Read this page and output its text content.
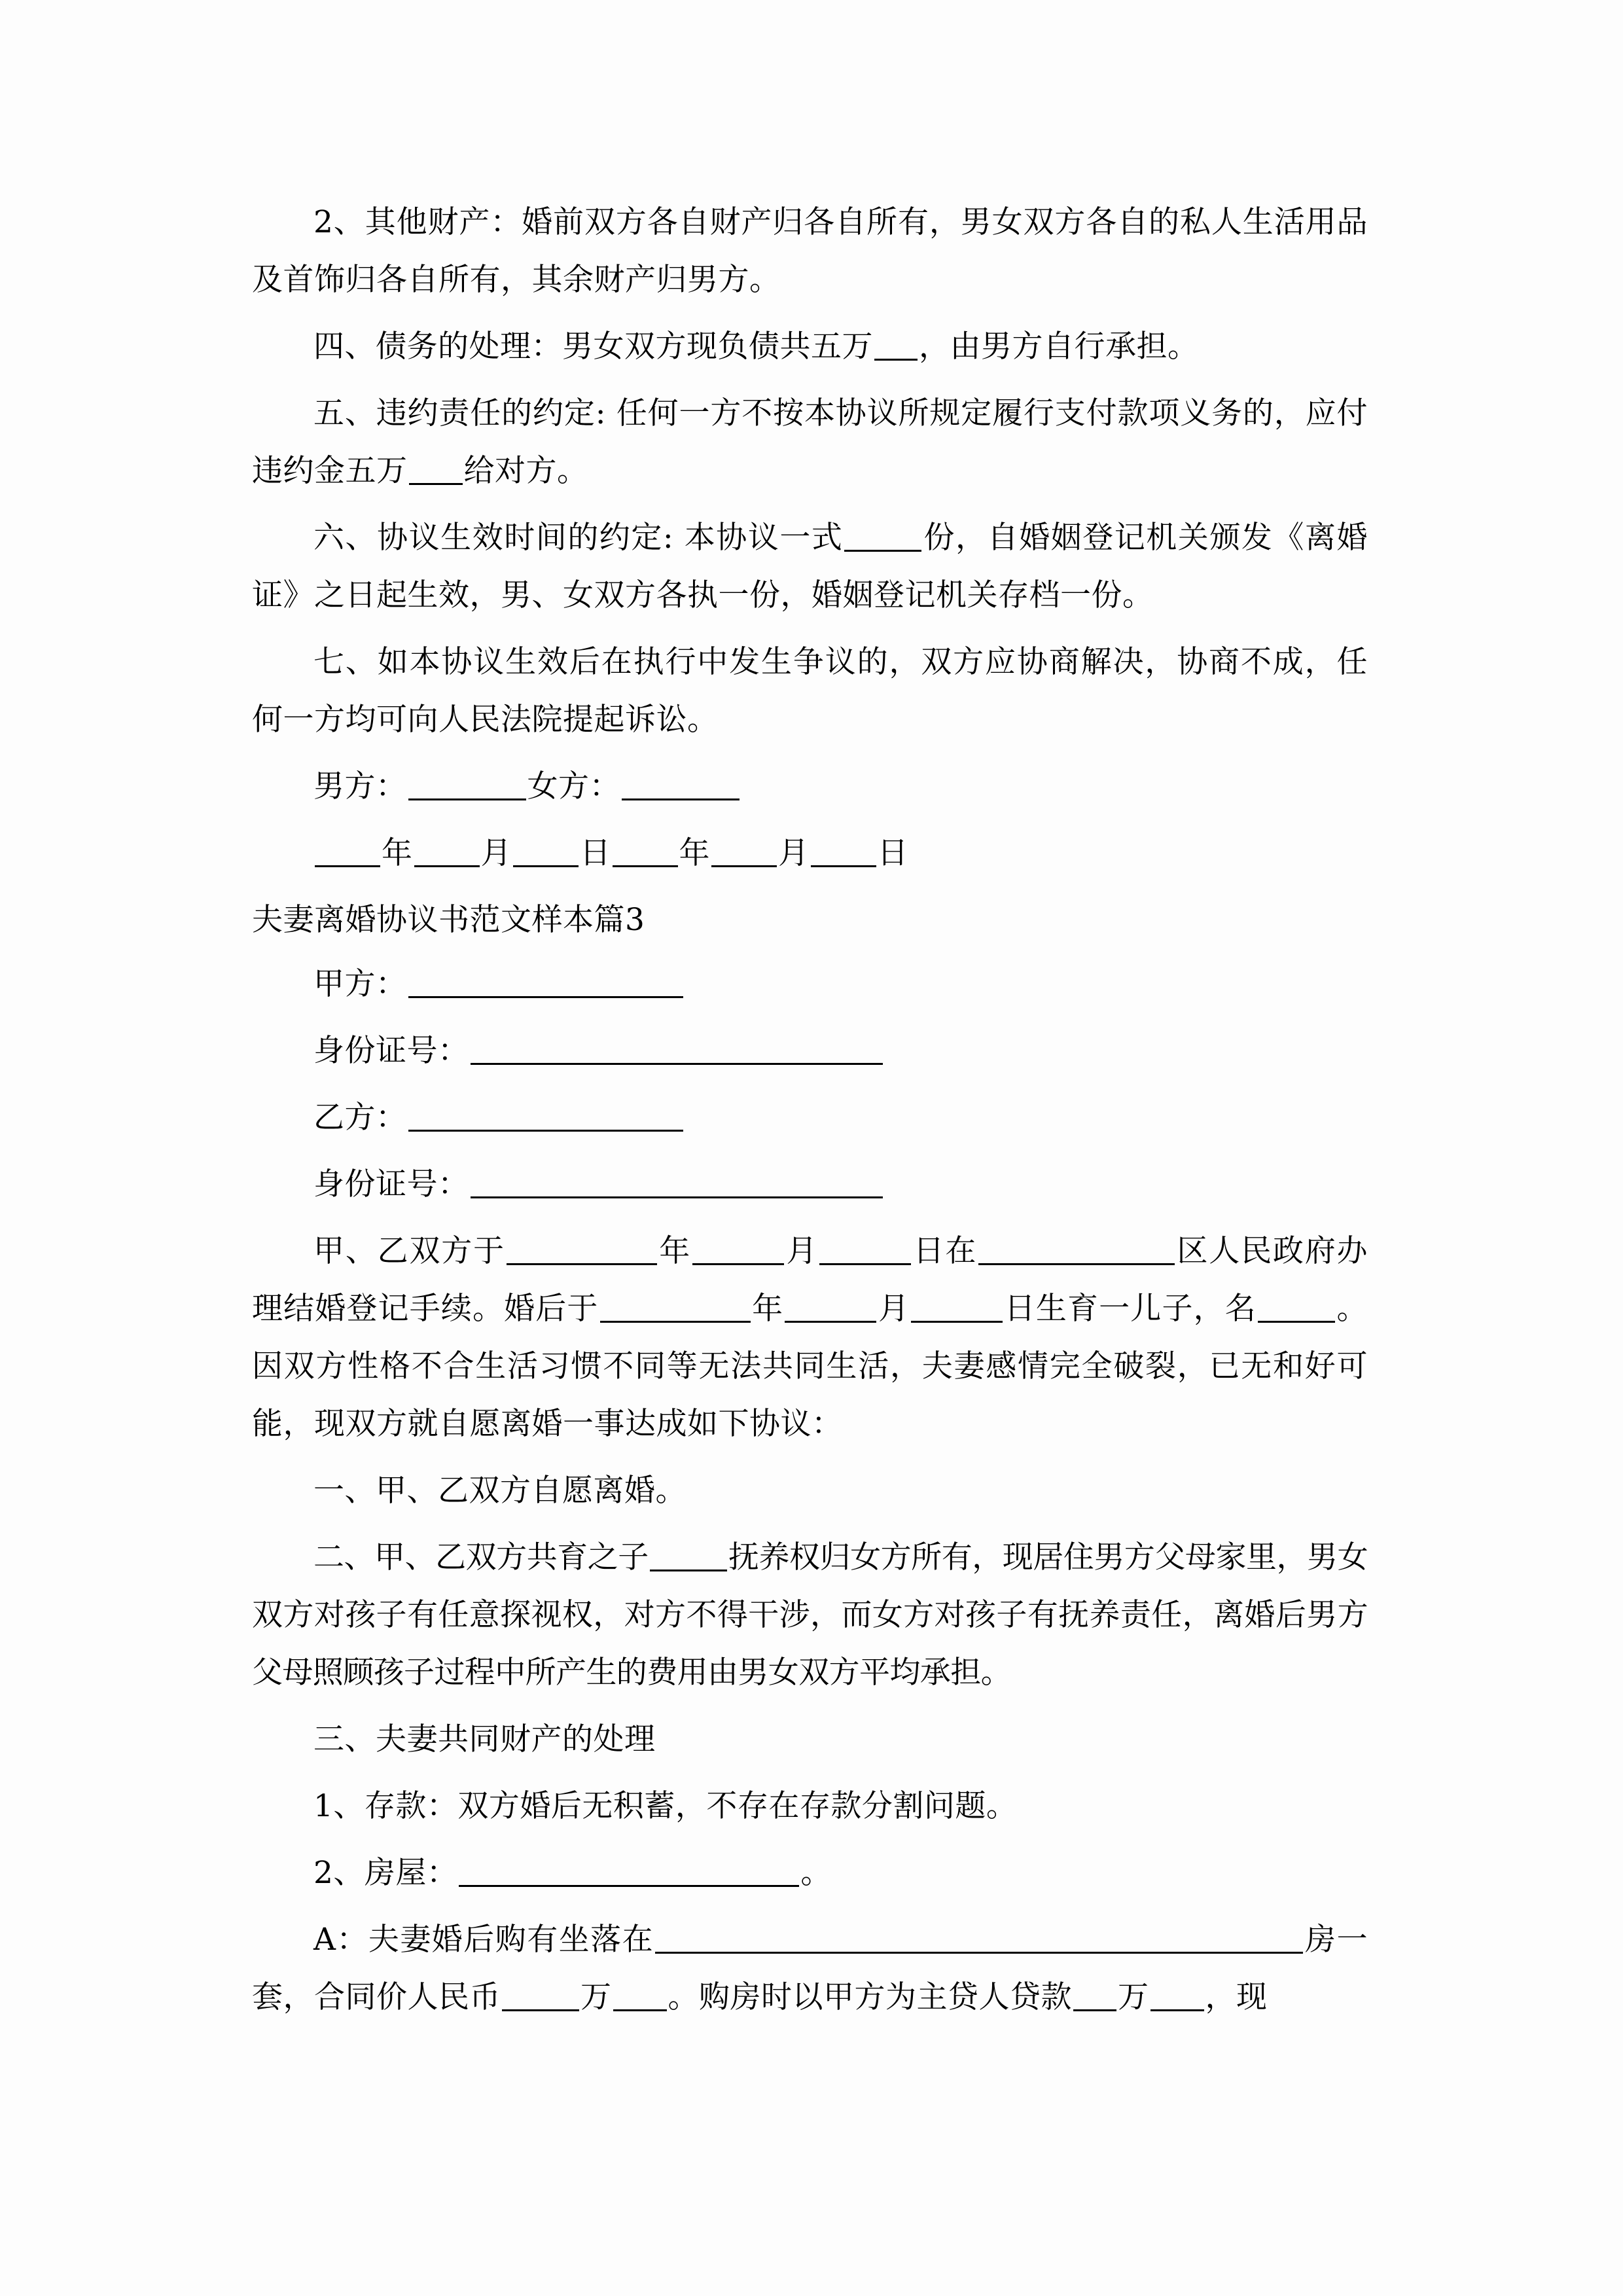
2、其他财产：婚前双方各自财产归各自所有，男女双方各自的私人生活用品及首饰归各自所有，其余财产归男方。

四、债务的处理：男女双方现负债共五万 ，由男方自行承担。

五、违约责任的约定: 任何一方不按本协议所规定履行支付款项义务的，应付违约金五万 给对方。

六、协议生效时间的约定: 本协议一式	份，自婚姻登记机关颁发《离婚证》之日起生效，男、女双方各执一份，婚姻登记机关存档一份。

七、如本协议生效后在执行中发生争议的，双方应协商解决，协商不成，任何一方均可向人民法院提起诉讼。

男方：	女方：

年 月 日 年 月 日

夫妻离婚协议书范文样本篇3

甲方：

身份证号：

乙方：

身份证号：

甲、乙双方于	年	月	日在	区人民政府办理结婚登记手续。婚后于	年	月	日生育一儿子，名	。因双方性格不合生活习惯不同等无法共同生活，夫妻感情完全破裂，已无和好可能，现双方就自愿离婚一事达成如下协议：

一、甲、乙双方自愿离婚。

二、甲、乙双方共育之子	抚养权归女方所有，现居住男方父母家里，男女双方对孩子有任意探视权，对方不得干涉，而女方对孩子有抚养责任，离婚后男方父母照顾孩子过程中所产生的费用由男女双方平均承担。

三、夫妻共同财产的处理

1、存款：双方婚后无积蓄，不存在存款分割问题。

2、房屋：	。

A：夫妻婚后购有坐落在	房一套，合同价人民币	万 。购房时以甲方为主贷人贷款 万 ，现
